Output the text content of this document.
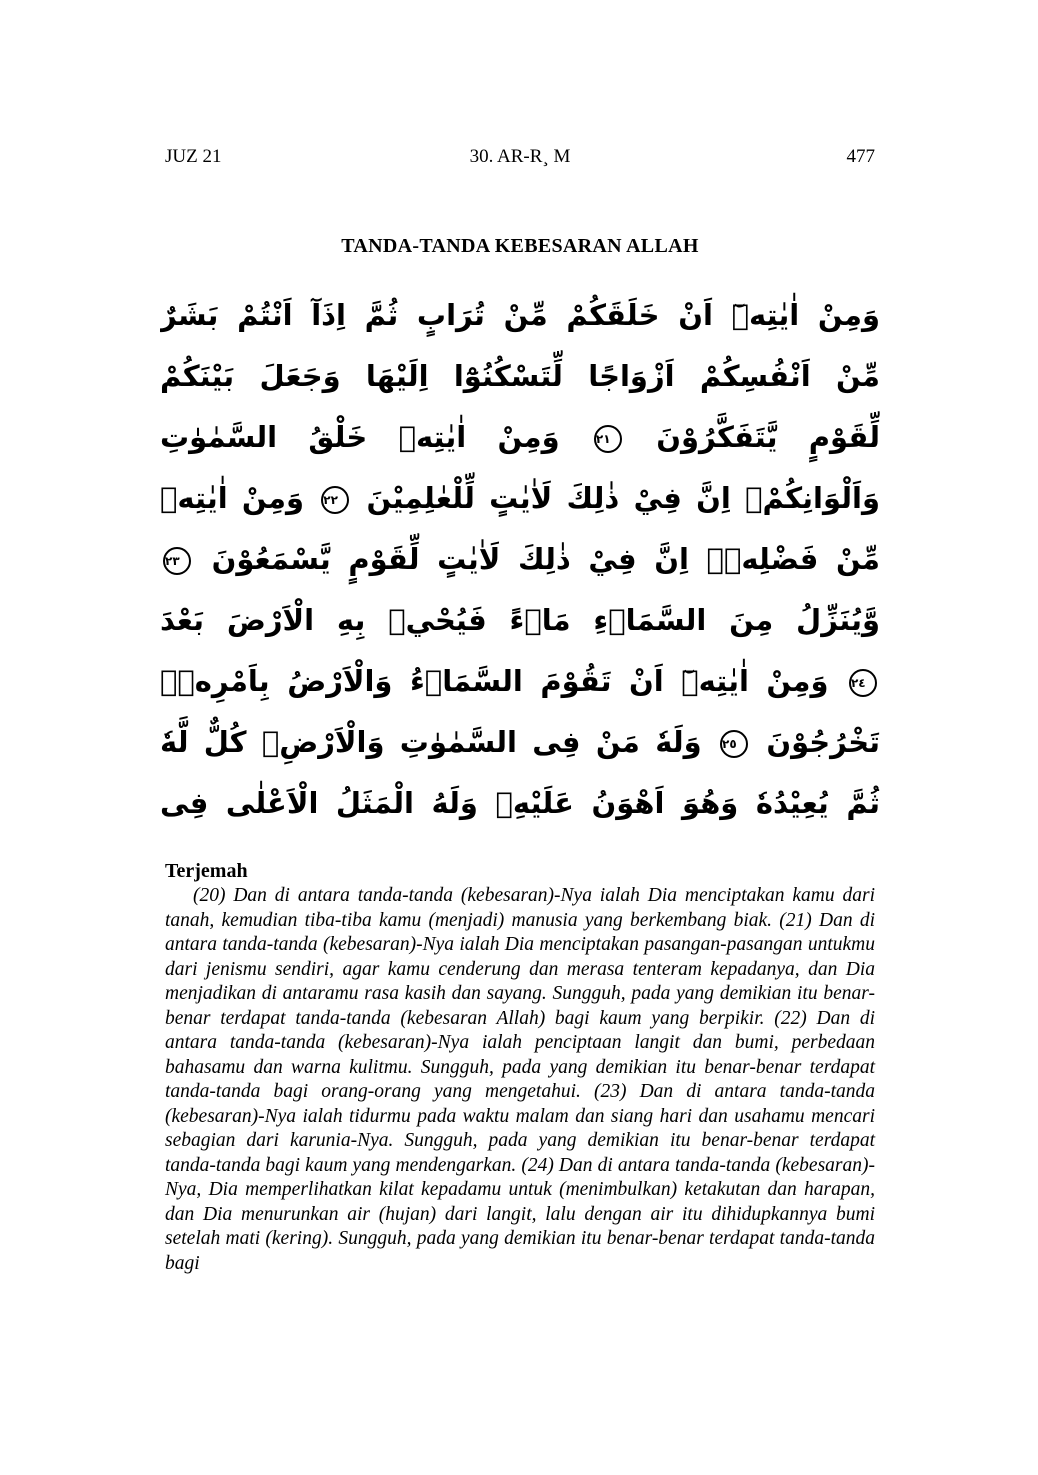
JUZ 21	30. AR-R¸ M	477
TANDA-TANDA KEBESARAN ALLAH
وَمِنْ اٰيٰتِهٖٓ اَنْ خَلَقَكُمْ مِّنْ تُرَابٍ ثُمَّ اِذَآ اَنْتُمْ بَشَرٌ
مِّنْ اَنْفُسِكُمْ اَزْوَاجًا لِّتَسْكُنُوْٓا اِلَيْهَا وَجَعَلَ بَيْنَكُمْ
لِّقَوْمٍ يَّتَفَكَّرُوْنَ ٢١ وَمِنْ اٰيٰتِهٖ خَلْقُ السَّمٰوٰتِ
وَاَلْوَانِكُمْۗ اِنَّ فِيْ ذٰلِكَ لَاٰيٰتٍ لِّلْعٰلِمِيْنَ ٢٢ وَمِنْ اٰيٰتِهٖ
مِّنْ فَضْلِهٖۗ اِنَّ فِيْ ذٰلِكَ لَاٰيٰتٍ لِّقَوْمٍ يَّسْمَعُوْنَ ٢٣
وَّيُنَزِّلُ مِنَ السَّمَاۤءِ مَاۤءً فَيُحْيٖ بِهِ الْاَرْضَ بَعْدَ
٢٤ وَمِنْ اٰيٰتِهٖٓ اَنْ تَقُوْمَ السَّمَاۤءُ وَالْاَرْضُ بِاَمْرِهٖۗ
تَخْرُجُوْنَ ٢٥ وَلَهٗ مَنْ فِى السَّمٰوٰتِ وَالْاَرْضِۗ كُلٌّ لَّهٗ
ثُمَّ يُعِيْدُهٗ وَهُوَ اَهْوَنُ عَلَيْهِۗ وَلَهُ الْمَثَلُ الْاَعْلٰى فِى
Terjemah
(20) Dan di antara tanda-tanda (kebesaran)-Nya ialah Dia menciptakan kamu dari tanah, kemudian tiba-tiba kamu (menjadi) manusia yang berkembang biak. (21) Dan di antara tanda-tanda (kebesaran)-Nya ialah Dia menciptakan pasangan-pasangan untukmu dari jenismu sendiri, agar kamu cenderung dan merasa tenteram kepadanya, dan Dia menjadikan di antaramu rasa kasih dan sayang. Sungguh, pada yang demikian itu benar-benar terdapat tanda-tanda (kebesaran Allah) bagi kaum yang berpikir. (22) Dan di antara tanda-tanda (kebesaran)-Nya ialah penciptaan langit dan bumi, perbedaan bahasamu dan warna kulitmu. Sungguh, pada yang demikian itu benar-benar terdapat tanda-tanda bagi orang-orang yang mengetahui. (23) Dan di antara tanda-tanda (kebesaran)-Nya ialah tidurmu pada waktu malam dan siang hari dan usahamu mencari sebagian dari karunia-Nya. Sungguh, pada yang demikian itu benar-benar terdapat tanda-tanda bagi kaum yang mendengarkan. (24) Dan di antara tanda-tanda (kebesaran)-Nya, Dia memperlihatkan kilat kepadamu untuk (menimbulkan) ketakutan dan harapan, dan Dia menurunkan air (hujan) dari langit, lalu dengan air itu dihidupkannya bumi setelah mati (kering). Sungguh, pada yang demikian itu benar-benar terdapat tanda-tanda bagi
